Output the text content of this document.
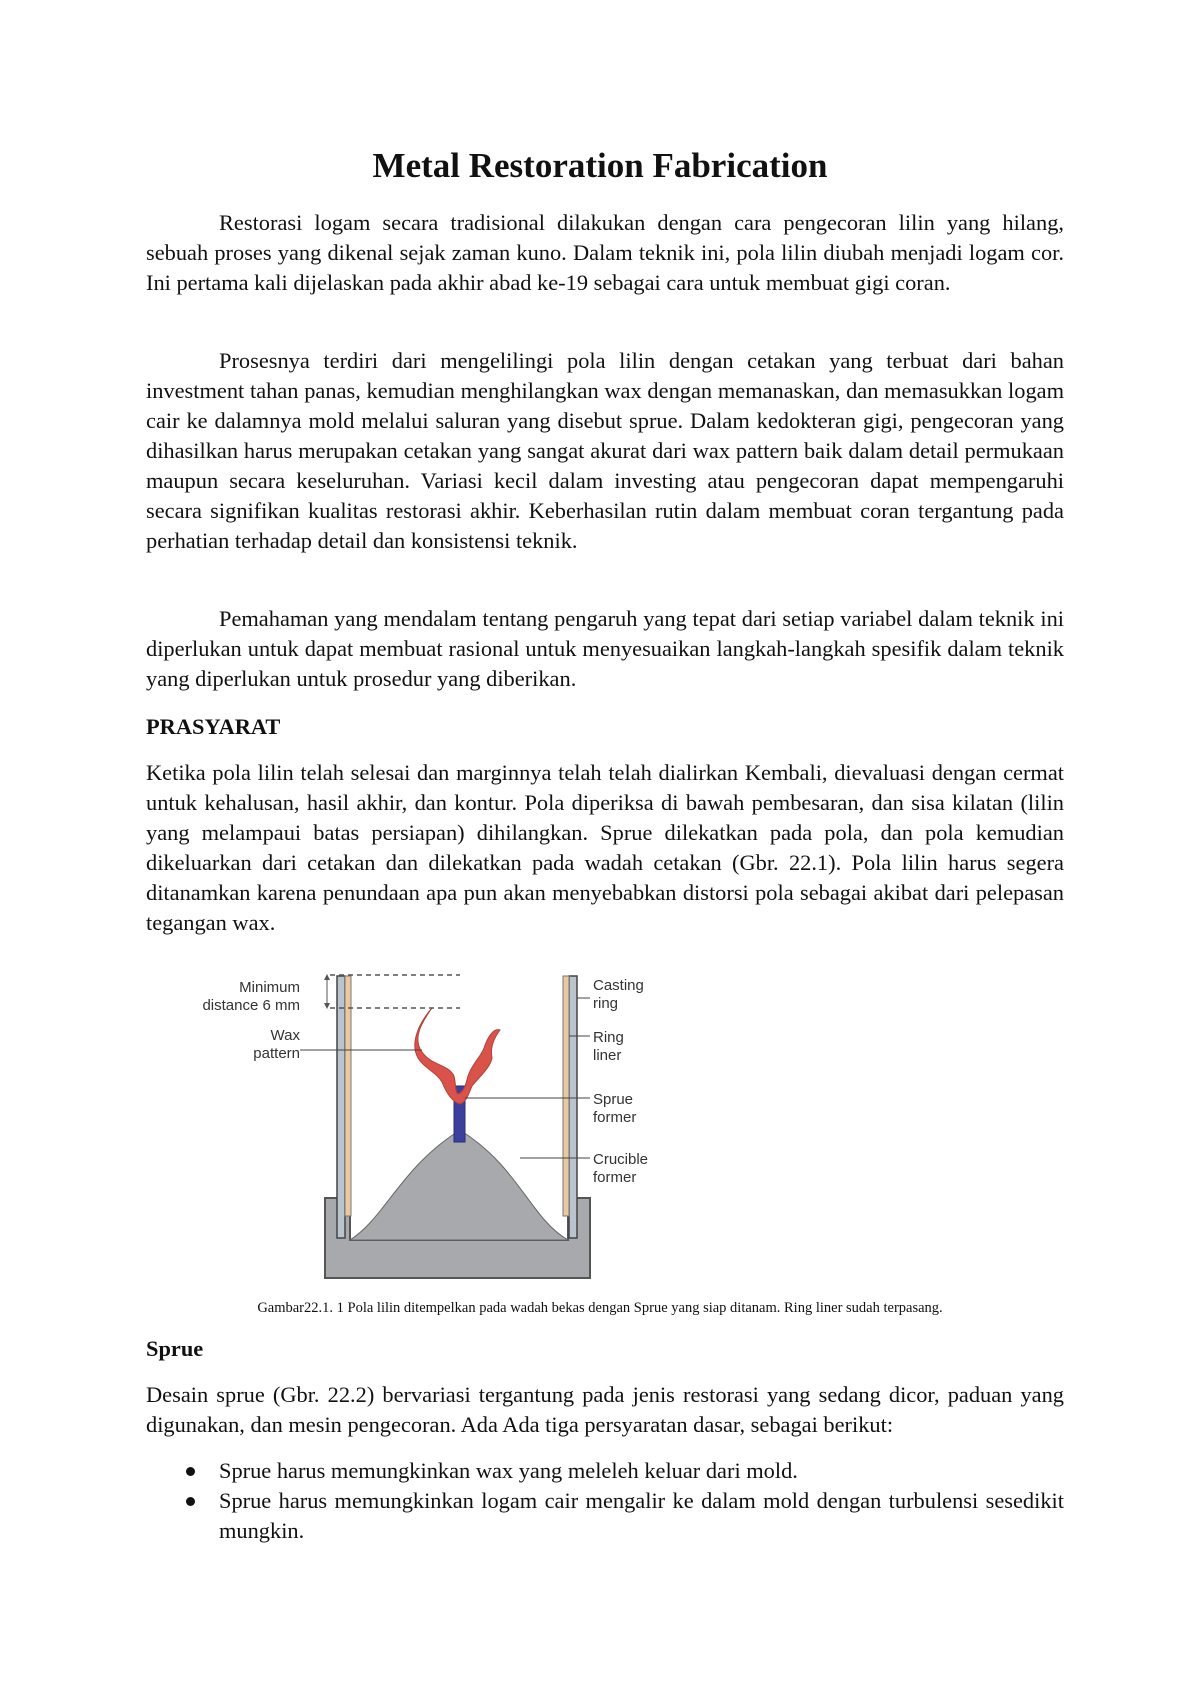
Metal Restoration Fabrication

Restorasi logam secara tradisional dilakukan dengan cara pengecoran lilin yang hilang, sebuah proses yang dikenal sejak zaman kuno. Dalam teknik ini, pola lilin diubah menjadi logam cor. Ini pertama kali dijelaskan pada akhir abad ke-19 sebagai cara untuk membuat gigi coran.

Prosesnya terdiri dari mengelilingi pola lilin dengan cetakan yang terbuat dari bahan investment tahan panas, kemudian menghilangkan wax dengan memanaskan, dan memasukkan logam cair ke dalamnya mold melalui saluran yang disebut sprue. Dalam kedokteran gigi, pengecoran yang dihasilkan harus merupakan cetakan yang sangat akurat dari wax pattern baik dalam detail permukaan maupun secara keseluruhan. Variasi kecil dalam investing atau pengecoran dapat mempengaruhi secara signifikan kualitas restorasi akhir. Keberhasilan rutin dalam membuat coran tergantung pada perhatian terhadap detail dan konsistensi teknik.

Pemahaman yang mendalam tentang pengaruh yang tepat dari setiap variabel dalam teknik ini diperlukan untuk dapat membuat rasional untuk menyesuaikan langkah-langkah spesifik dalam teknik yang diperlukan untuk prosedur yang diberikan.

PRASYARAT

Ketika pola lilin telah selesai dan marginnya telah telah dialirkan Kembali, dievaluasi dengan cermat untuk kehalusan, hasil akhir, dan kontur. Pola diperiksa di bawah pembesaran, dan sisa kilatan (lilin yang melampaui batas persiapan) dihilangkan. Sprue dilekatkan pada pola, dan pola kemudian dikeluarkan dari cetakan dan dilekatkan pada wadah cetakan (Gbr. 22.1). Pola lilin harus segera ditanamkan karena penundaan apa pun akan menyebabkan distorsi pola sebagai akibat dari pelepasan tegangan wax.

Minimum
distance 6 mm
Wax
pattern
Casting
ring
Ring
liner
Sprue
former
Crucible
former
Gambar22.1. 1 Pola lilin ditempelkan pada wadah bekas dengan Sprue yang siap ditanam. Ring liner sudah terpasang.
Sprue

Desain sprue (Gbr. 22.2) bervariasi tergantung pada jenis restorasi yang sedang dicor, paduan yang digunakan, dan mesin pengecoran. Ada Ada tiga persyaratan dasar, sebagai berikut:

Sprue harus memungkinkan wax yang meleleh keluar dari mold.
Sprue harus memungkinkan logam cair mengalir ke dalam mold dengan turbulensi sesedikit mungkin.
